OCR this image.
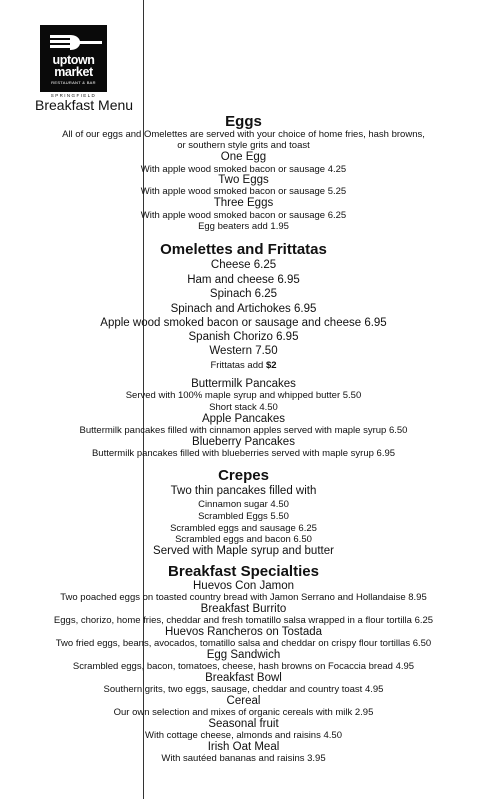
uptown
market
RESTAURANT & BAR
SPRINGFIELD
Breakfast Menu
Eggs
All of our eggs and Omelettes are served with your choice of home fries, hash browns,
or southern style grits and toast
One Egg
With apple wood smoked bacon or sausage 4.25
Two Eggs
With apple wood smoked bacon or sausage 5.25
Three Eggs
With apple wood smoked bacon or sausage 6.25
Egg beaters add 1.95
Omelettes and Frittatas
Cheese 6.25
Ham and cheese 6.95
Spinach 6.25
Spinach and Artichokes 6.95
Apple wood smoked bacon or sausage and cheese 6.95
Spanish Chorizo 6.95
Western 7.50
Frittatas add $2
Buttermilk Pancakes
Served with 100% maple syrup and whipped butter 5.50
Short stack 4.50
Apple Pancakes
Buttermilk pancakes filled with cinnamon apples served with maple syrup 6.50
Blueberry Pancakes
Buttermilk pancakes filled with blueberries served with maple syrup 6.95
Crepes
Two thin pancakes filled with
Cinnamon sugar 4.50
Scrambled Eggs 5.50
Scrambled eggs and sausage 6.25
Scrambled eggs and bacon 6.50
Served with Maple syrup and butter
Breakfast Specialties
Huevos Con Jamon
Two poached eggs on toasted country bread with Jamon Serrano and Hollandaise 8.95
Breakfast Burrito
Eggs, chorizo, home fries, cheddar and fresh tomatillo salsa wrapped in a flour tortilla 6.25
Huevos Rancheros on Tostada
Two fried eggs, beans, avocados, tomatillo salsa and cheddar on crispy flour tortillas 6.50
Egg Sandwich
Scrambled eggs, bacon, tomatoes, cheese, hash browns on Focaccia bread 4.95
Breakfast Bowl
Southern grits, two eggs, sausage, cheddar and country toast 4.95
Cereal
Our own selection and mixes of organic cereals with milk 2.95
Seasonal fruit
With cottage cheese, almonds and raisins 4.50
Irish Oat Meal
With sautéed bananas and raisins 3.95
